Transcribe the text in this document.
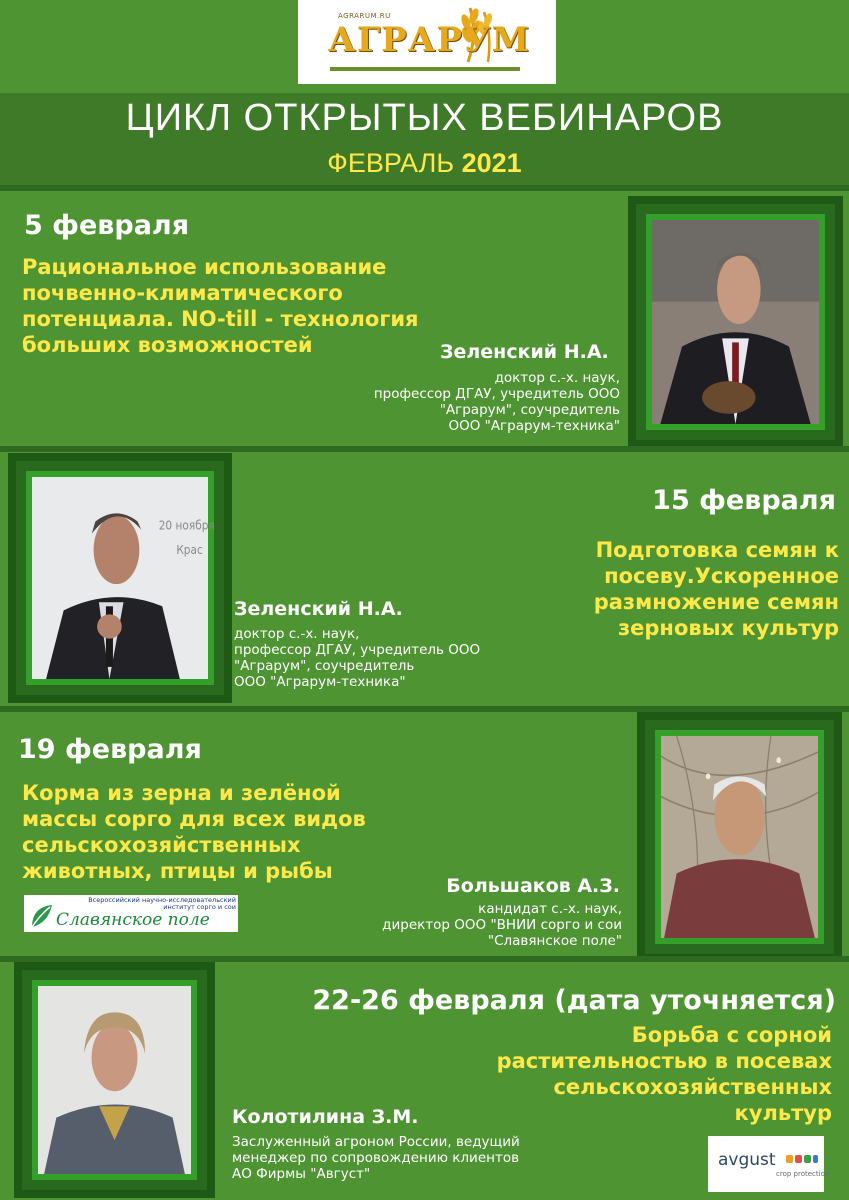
AGRARUM.RU
АГРАРУМ
ЦИКЛ ОТКРЫТЫХ ВЕБИНАРОВ
ФЕВРАЛЬ 2021
5 февраля
Рациональное использование почвенно-климатического потенциала. NO-till - технология больших возможностей	Зеленский Н.А.
доктор с.-х. наук,
профессор ДГАУ, учредитель ООО
"Аграрум", соучредитель
ООО "Аграрум-техника"
20 ноября
Крас
15 февраля
Подготовка семян к
посеву.Ускоренное
размножение семян
зерновых культур
Зеленский Н.А.
доктор с.-х. наук,
профессор ДГАУ, учредитель ООО
"Аграрум", соучредитель
ООО "Аграрум-техника"
19 февраля
Корма из зерна и зелёной
массы сорго для всех видов
сельскохозяйственных
животных, птицы и рыбы
Всероссийский научно-исследовательский
институт сорго и сои
Славянское поле
Большаков А.З.
кандидат с.-х. наук,
директор ООО "ВНИИ сорго и сои
"Славянское поле"
22-26 февраля (дата уточняется)
Борьба с сорной
растительностью в посевах
сельскохозяйственных
культур
Колотилина З.М.
Заслуженный агроном России, ведущий
менеджер по сопровождению клиентов
АО Фирмы "Август"
avgust
crop protection
